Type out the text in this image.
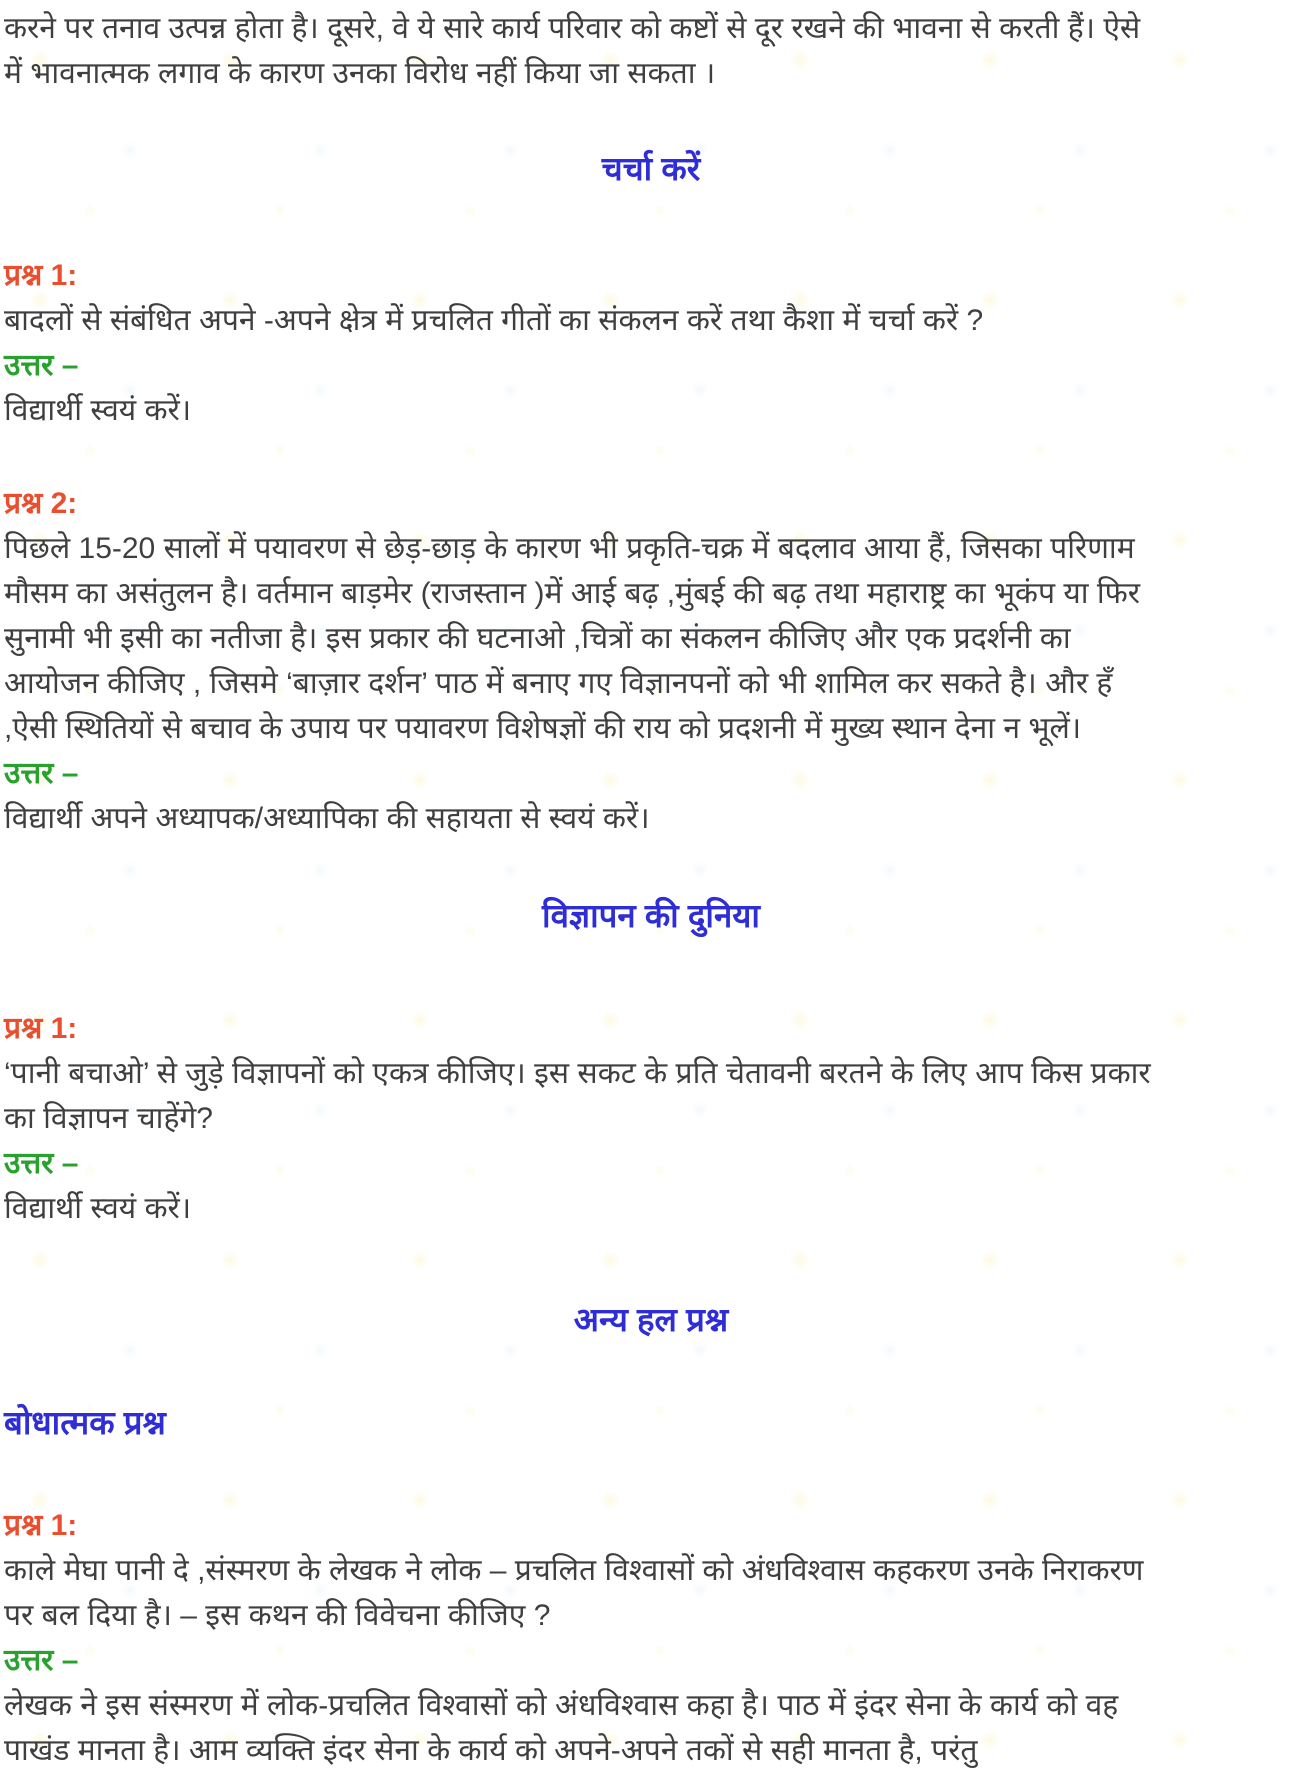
करने पर तनाव उत्पन्न होता है। दूसरे, वे ये सारे कार्य परिवार को कष्टों से दूर रखने की भावना से करती हैं। ऐसे में भावनात्मक लगाव के कारण उनका विरोध नहीं किया जा सकता ।

चर्चा करें

प्रश्न 1:

बादलों से संबंधित अपने -अपने क्षेत्र में प्रचलित गीतों का संकलन करें तथा कैशा में चर्चा करें ?

उत्तर –

विद्यार्थी स्वयं करें।

प्रश्न 2:

पिछले 15-20 सालों में पयावरण से छेड़-छाड़ के कारण भी प्रकृति-चक्र में बदलाव आया हैं, जिसका परिणाम मौसम का असंतुलन है। वर्तमान बाड़मेर (राजस्तान )में आई बढ़ ,मुंबई की बढ़ तथा महाराष्ट्र का भूकंप या फिर सुनामी भी इसी का नतीजा है। इस प्रकार की घटनाओ ,चित्रों का संकलन कीजिए और एक प्रदर्शनी का आयोजन कीजिए , जिसमे ‘बाज़ार दर्शन’ पाठ में बनाए गए विज्ञानपनों को भी शामिल कर सकते है। और हँ ,ऐसी स्थितियों से बचाव के उपाय पर पयावरण विशेषज्ञों की राय को प्रदशनी में मुख्य स्थान देना न भूलें।

उत्तर –

विद्यार्थी अपने अध्यापक/अध्यापिका की सहायता से स्वयं करें।

विज्ञापन की दुनिया

प्रश्न 1:

‘पानी बचाओ’ से जुड़े विज्ञापनों को एकत्र कीजिए। इस सकट के प्रति चेतावनी बरतने के लिए आप किस प्रकार का विज्ञापन चाहेंगे?

उत्तर –

विद्यार्थी स्वयं करें।

अन्य हल प्रश्न
बोधात्मक प्रश्न

प्रश्न 1:

काले मेघा पानी दे ,संस्मरण के लेखक ने लोक – प्रचलित विश्वासों को अंधविश्वास कहकरण उनके निराकरण पर बल दिया है। – इस कथन की विवेचना कीजिए ?

उत्तर –

लेखक ने इस संस्मरण में लोक-प्रचलित विश्वासों को अंधविश्वास कहा है। पाठ में इंदर सेना के कार्य को वह पाखंड मानता है। आम व्यक्ति इंदर सेना के कार्य को अपने-अपने तकों से सही मानता है, परंतु
